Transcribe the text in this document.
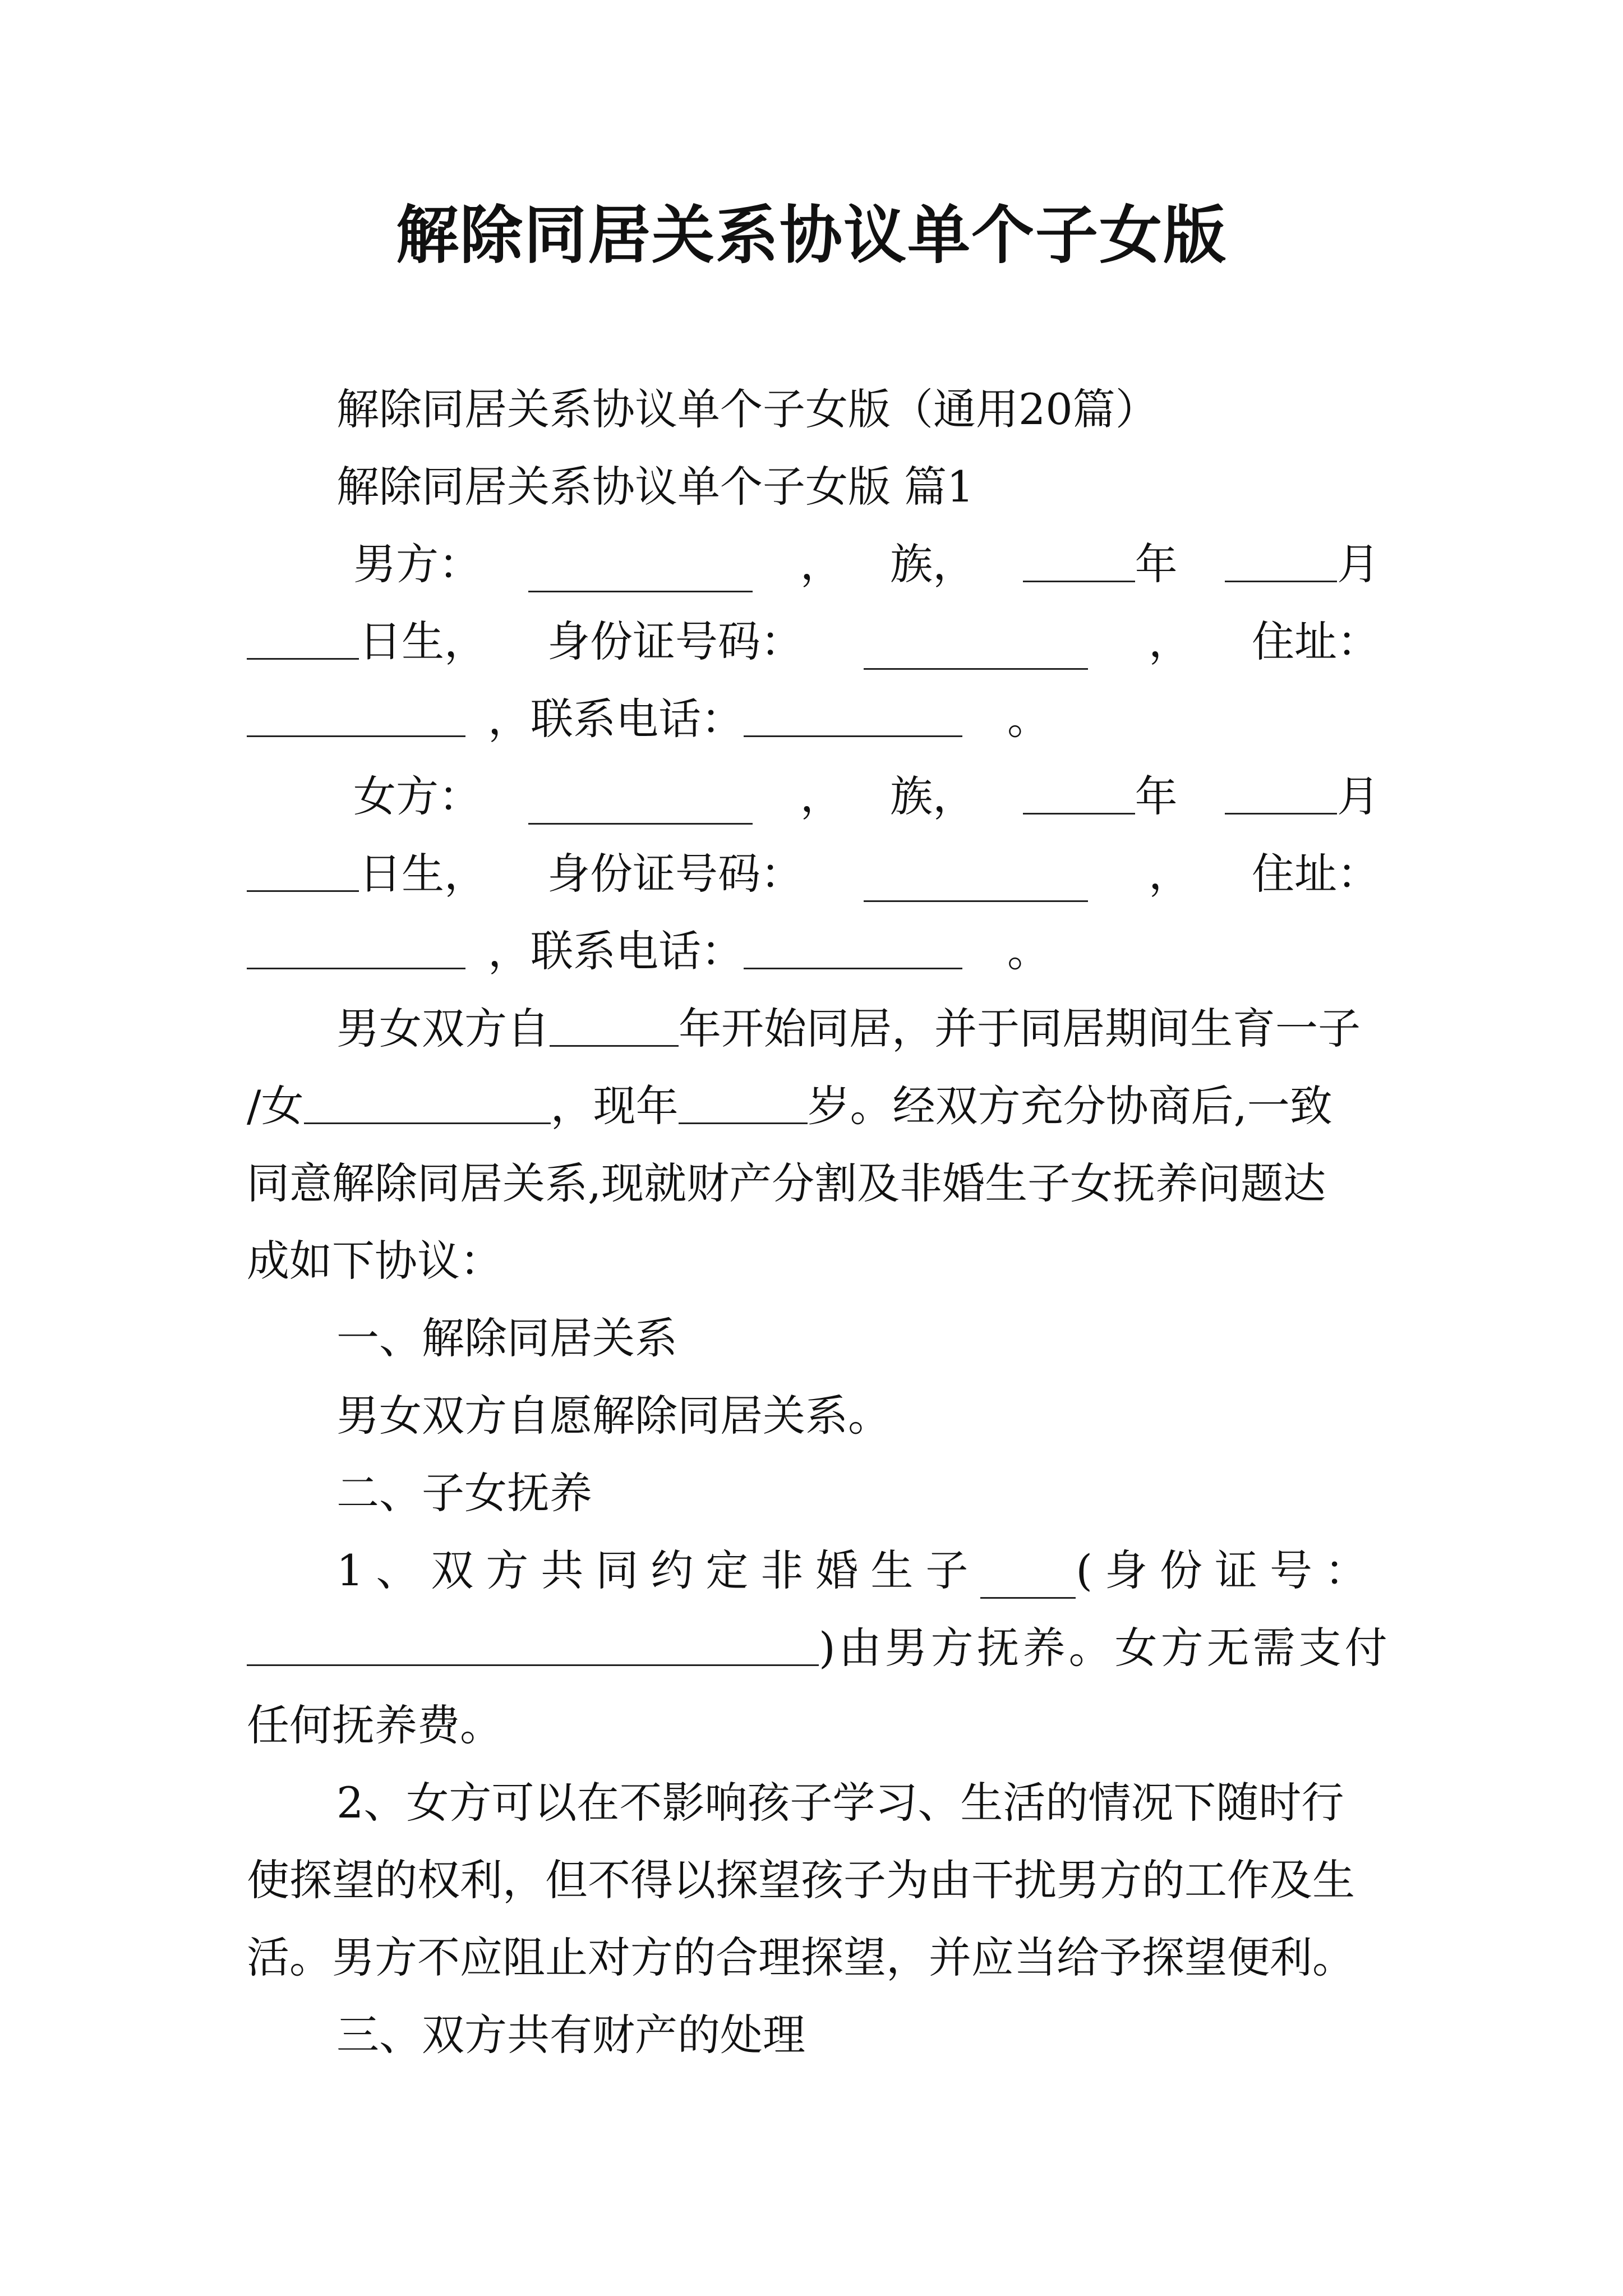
解除同居关系协议单个子女版
解除同居关系协议单个子女版（通用20篇）
解除同居关系协议单个子女版 篇1
男方：	， 族，	年	月
日生， 身份证号码：	， 住址：
，联系电话：	。
女方：	， 族，	年	月
日生， 身份证号码：	， 住址：
，联系电话：	。
男女双方自	年开始同居，并于同居期间生育一子
/女	，现年	岁。经双方充分协商后,一致
同意解除同居关系,现就财产分割及非婚生子女抚养问题达
成如下协议：
一、解除同居关系
男女双方自愿解除同居关系。
二、子女抚养
1、双方共同约定非婚生子 (身份证号：
)由男方抚养。女方无需支付
任何抚养费。
2、女方可以在不影响孩子学习、生活的情况下随时行
使探望的权利，但不得以探望孩子为由干扰男方的工作及生
活。男方不应阻止对方的合理探望，并应当给予探望便利。
三、双方共有财产的处理
